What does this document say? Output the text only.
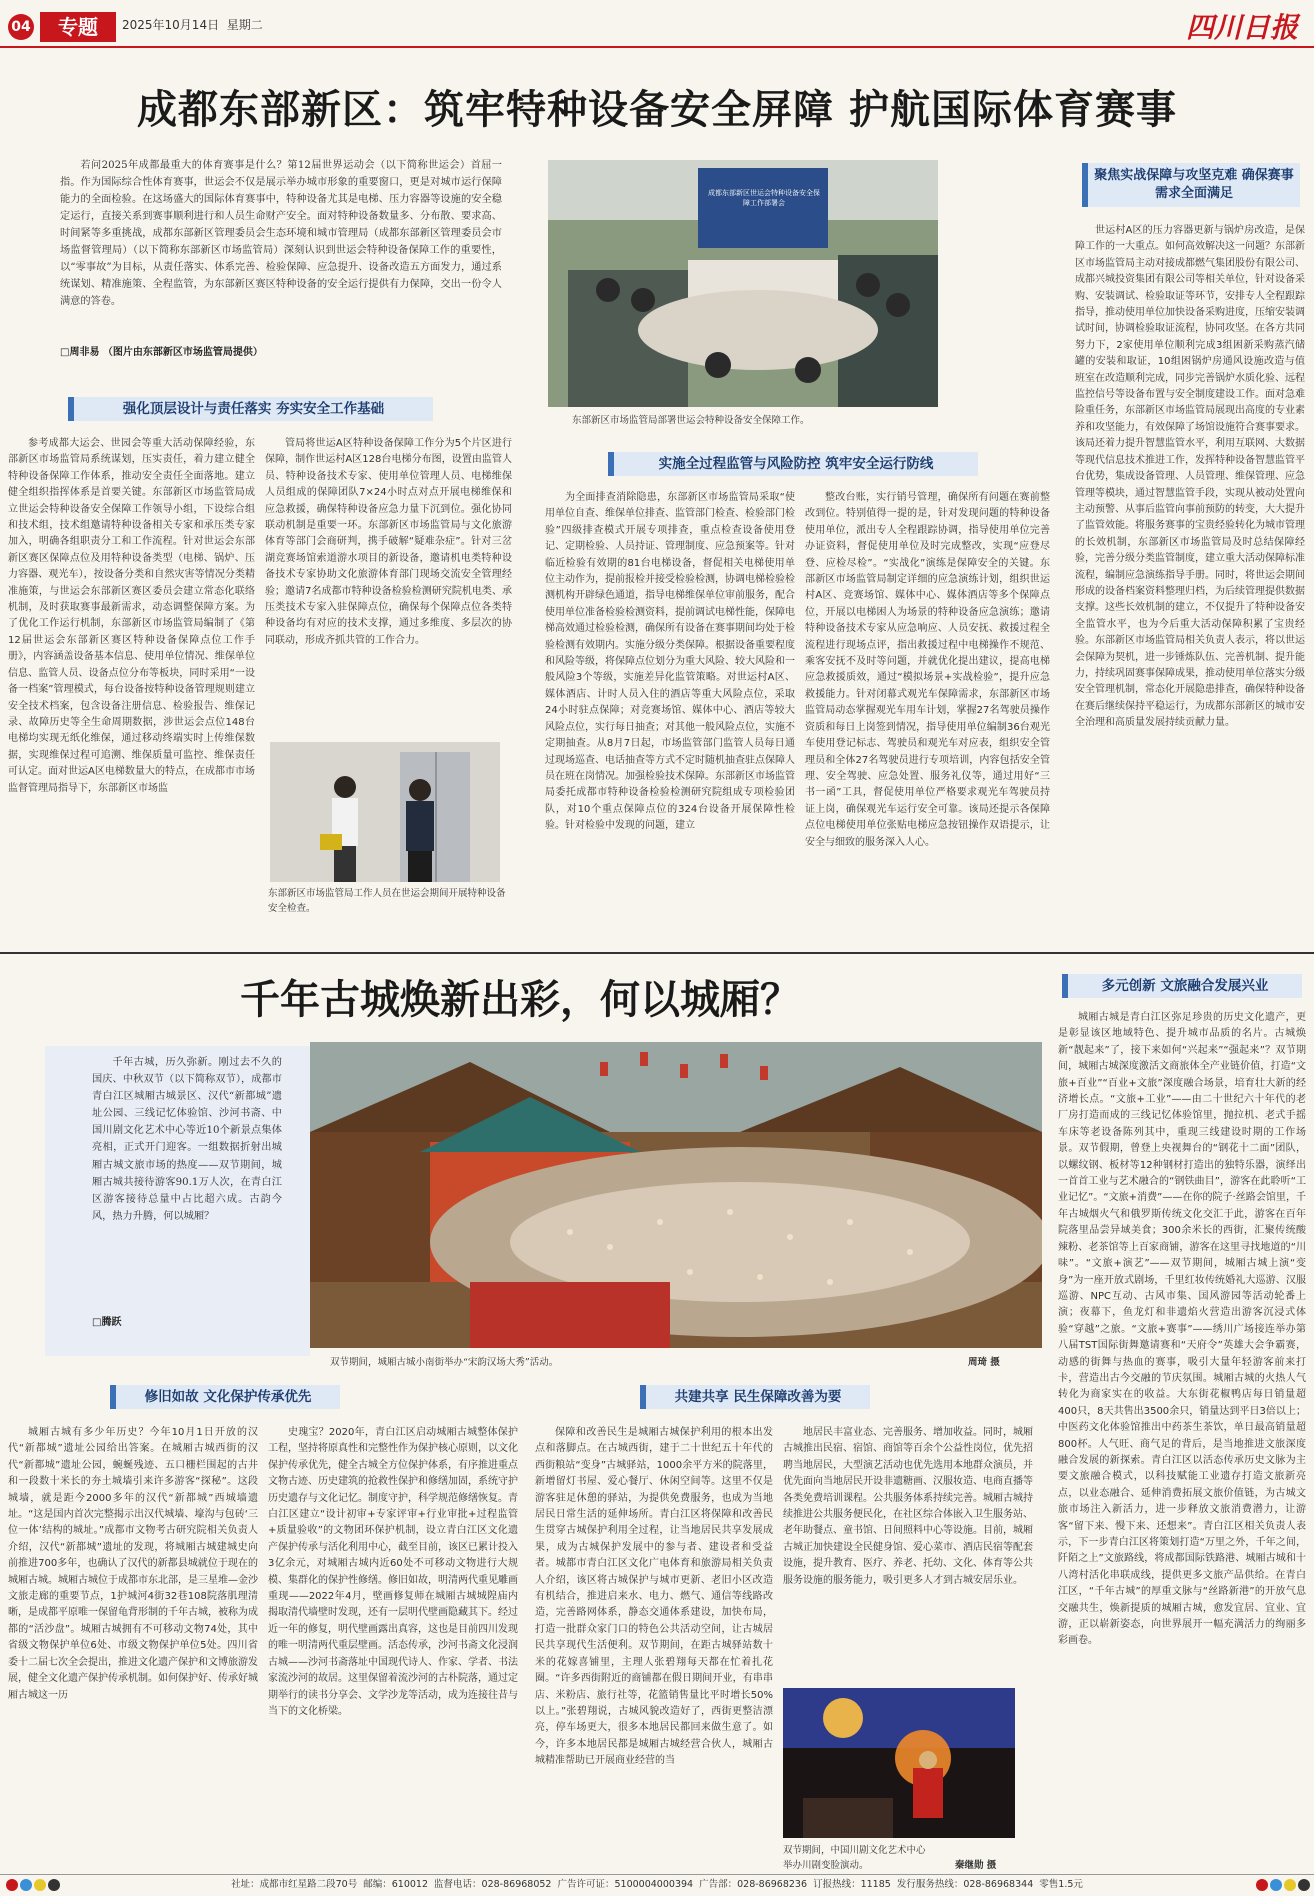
04	专题	2025年10月14日 星期二	四川日报
成都东部新区：筑牢特种设备安全屏障 护航国际体育赛事
若问2025年成都最重大的体育赛事是什么？第12届世界运动会（以下简称世运会）首屈一指。作为国际综合性体育赛事，世运会不仅是展示举办城市形象的重要窗口，更是对城市运行保障能力的全面检验。在这场盛大的国际体育赛事中，特种设备尤其是电梯、压力容器等设施的安全稳定运行，直接关系到赛事顺利进行和人员生命财产安全。面对特种设备数量多、分布散、要求高、时间紧等多重挑战，成都东部新区管理委员会生态环境和城市管理局（成都东部新区管理委员会市场监督管理局）（以下简称东部新区市场监管局）深刻认识到世运会特种设备保障工作的重要性，以“零事故”为目标，从责任落实、体系完善、检验保障、应急提升、设备改造五方面发力，通过系统谋划、精准施策、全程监管，为东部新区赛区特种设备的安全运行提供有力保障，交出一份令人满意的答卷。
□周非易 （图片由东部新区市场监管局提供）
成都东部新区世运会特种设备安全保障工作部署会
东部新区市场监管局部署世运会特种设备安全保障工作。
强化顶层设计与责任落实 夯实安全工作基础
实施全过程监管与风险防控 筑牢安全运行防线
聚焦实战保障与攻坚克难 确保赛事需求全面满足
参考成都大运会、世园会等重大活动保障经验，东部新区市场监管局系统谋划，压实责任，着力建立健全特种设备保障工作体系，推动安全责任全面落地。建立健全组织指挥体系是首要关键。东部新区市场监管局成立世运会特种设备安全保障工作领导小组，下设综合组和技术组，技术组邀请特种设备相关专家和承压类专家加入，明确各组职责分工和工作流程。针对世运会东部新区赛区保障点位及用特种设备类型（电梯、锅炉、压力容器、观光车），按设备分类和自然灾害等情况分类精准施策，与世运会东部新区赛区委员会建立常态化联络机制，及时获取赛事最新需求，动态调整保障方案。为了优化工作运行机制，东部新区市场监管局编制了《第12届世运会东部新区赛区特种设备保障点位工作手册》，内容涵盖设备基本信息、使用单位情况、维保单位信息、监管人员、设备点位分布等板块，同时采用“一设备一档案”管理模式，每台设备按特种设备管理规则建立安全技术档案，包含设备注册信息、检验报告、维保记录、故障历史等全生命周期数据，涉世运会点位148台电梯均实现无纸化维保，通过移动终端实时上传维保数据，实现维保过程可追溯、维保质量可监控、维保责任可认定。面对世运A区电梯数量大的特点，在成都市市场监督管理局指导下，东部新区市场监
管局将世运A区特种设备保障工作分为5个片区进行保障，制作世运村A区128台电梯分布图，设置由监管人员、特种设备技术专家、使用单位管理人员、电梯维保人员组成的保障团队7×24小时点对点开展电梯维保和应急救援，确保特种设备应急力量下沉到位。强化协同联动机制是重要一环。东部新区市场监管局与文化旅游体育等部门会商研判，携手破解“疑难杂症”。针对三岔湖竞赛场馆索道游水项目的新设备，邀请机电类特种设备技术专家协助文化旅游体育部门现场交流安全管理经验；邀请7名成都市特种设备检验检测研究院机电类、承压类技术专家入驻保障点位，确保每个保障点位各类特种设备均有对应的技术支撑，通过多维度、多层次的协同联动，形成齐抓共管的工作合力。
东部新区市场监管局工作人员在世运会期间开展特种设备安全检查。
为全面排查消除隐患，东部新区市场监管局采取“使用单位自查、维保单位排查、监管部门检查、检验部门检验”四级排查模式开展专项排查，重点检查设备使用登记、定期检验、人员持证、管理制度、应急预案等。针对临近检验有效期的81台电梯设备，督促相关电梯使用单位主动作为，提前报检并接受检验检测，协调电梯检验检测机构开辟绿色通道，指导电梯维保单位审前服务，配合使用单位准备检验检测资料，提前调试电梯性能，保障电梯高效通过检验检测，确保所有设备在赛事期间均处于检验检测有效期内。实施分级分类保障。根据设备重要程度和风险等级，将保障点位划分为重大风险、较大风险和一般风险3个等级，实施差异化监管策略。对世运村A区、媒体酒店、计时人员入住的酒店等重大风险点位，采取24小时驻点保障；对竞赛场馆、媒体中心、酒店等较大风险点位，实行每日抽查；对其他一般风险点位，实施不定期抽查。从8月7日起，市场监管部门监管人员每日通过现场巡查、电话抽查等方式不定时随机抽查驻点保障人员在班在岗情况。加强检验技术保障。东部新区市场监管局委托成都市特种设备检验检测研究院组成专项检验团队，对10个重点保障点位的324台设备开展保障性检验。针对检验中发现的问题，建立
整改台账，实行销号管理，确保所有问题在赛前整改到位。特别值得一提的是，针对发现问题的特种设备使用单位，派出专人全程跟踪协调，指导使用单位完善办证资料，督促使用单位及时完成整改，实现“应登尽登、应检尽检”。“实战化”演练是保障安全的关键。东部新区市场监管局制定详细的应急演练计划，组织世运村A区、竞赛场馆、媒体中心、媒体酒店等多个保障点位，开展以电梯困人为场景的特种设备应急演练；邀请特种设备技术专家从应急响应、人员安抚、救援过程全流程进行现场点评，指出救援过程中电梯操作不规范、乘客安抚不及时等问题，并就优化提出建议，提高电梯应急救援质效，通过“模拟场景+实战检验”，提升应急救援能力。针对闭幕式观光车保障需求，东部新区市场监管局动态掌握观光车用车计划，掌握27名驾驶员操作资质和每日上岗签到情况，指导使用单位编制36台观光车使用登记标志、驾驶员和观光车对应表，组织安全管理员和全体27名驾驶员进行专项培训，内容包括安全管理、安全驾驶、应急处置、服务礼仪等，通过用好“三书一函”工具，督促使用单位严格要求观光车驾驶员持证上岗，确保观光车运行安全可靠。该局还提示各保障点位电梯使用单位张贴电梯应急按钮操作双语提示，让安全与细致的服务深入人心。
世运村A区的压力容器更新与锅炉房改造，是保障工作的一大重点。如何高效解决这一问题？东部新区市场监管局主动对接成都燃气集团股份有限公司、成都兴城投资集团有限公司等相关单位，针对设备采购、安装调试、检验取证等环节，安排专人全程跟踪指导，推动使用单位加快设备采购进度，压缩安装调试时间，协调检验取证流程，协同攻坚。在各方共同努力下，2家使用单位顺利完成3组困新采购蒸汽储罐的安装和取证，10组困锅炉房通风设施改造与值班室在改造顺利完成，同步完善锅炉水质化验、远程监控信号等设备布置与安全制度建设工作。面对急难险重任务，东部新区市场监管局展现出高度的专业素养和攻坚能力，有效保障了场馆设施符合赛事要求。该局还着力提升智慧监管水平，利用互联网、大数据等现代信息技术推进工作，发挥特种设备智慧监管平台优势，集成设备管理、人员管理、维保管理、应急管理等模块，通过智慧监管手段，实现从被动处置向主动预警、从事后监管向事前预防的转变，大大提升了监管效能。将服务赛事的宝贵经验转化为城市管理的长效机制，东部新区市场监管局及时总结保障经验，完善分级分类监管制度，建立重大活动保障标准流程，编制应急演练指导手册。同时，将世运会期间形成的设备档案资料整理归档，为后续管理提供数据支撑。这些长效机制的建立，不仅提升了特种设备安全监管水平，也为今后重大活动保障积累了宝贵经验。东部新区市场监管局相关负责人表示，将以世运会保障为契机，进一步锤炼队伍、完善机制、提升能力，持续巩固赛事保障成果，推动使用单位落实分级安全管理机制，常态化开展隐患排查，确保特种设备在赛后继续保持平稳运行，为成都东部新区的城市安全治理和高质量发展持续贡献力量。
千年古城焕新出彩，何以城厢？	多元创新 文旅融合发展兴业
千年古城，历久弥新。刚过去不久的国庆、中秋双节（以下简称双节），成都市青白江区城厢古城景区、汉代“新都城”遗址公园、三线记忆体验馆、沙河书斋、中国川剧文化艺术中心等近10个新景点集体亮相，正式开门迎客。一组数据折射出城厢古城文旅市场的热度——双节期间，城厢古城共接待游客90.1万人次，在青白江区游客接待总量中占比超六成。古韵今风，热力升腾，何以城厢？
□腾跃
双节期间，城厢古城小南街举办“宋韵汉场大秀”活动。	周琦 摄
修旧如故 文化保护传承优先	共建共享 民生保障改善为要
城厢古城有多少年历史？今年10月1日开放的汉代“新都城”遗址公园给出答案。在城厢古城西街的汉代“新都城”遗址公园，蜿蜒残迹、五口栅栏围起的古井和一段数十米长的夯土城墙引来许多游客“探秘”。这段城墙，就是距今2000多年的汉代“新都城”西城墙遗址。“这是国内首次完整揭示出汉代城墙、壕沟与包砖‘三位一体’结构的城址。”成都市文物考古研究院相关负责人介绍，汉代“新都城”遗址的发现，将城厢古城建城史向前推进700多年，也确认了汉代的新都县城就位于现在的城厢古城。城厢古城位于成都市东北部，是三星堆—金沙文旅走廊的重要节点，1护城河4街32巷108院落肌理清晰，是成都平原唯一保留龟背形制的千年古城，被称为成都的“活沙盘”。城厢古城拥有不可移动文物74处，其中省级文物保护单位6处、市级文物保护单位5处。四川省委十二届七次全会提出，推进文化遗产保护和文博旅游发展，健全文化遗产保护传承机制。如何保护好、传承好城厢古城这一历
史瑰宝？2020年，青白江区启动城厢古城整体保护工程，坚持将原真性和完整性作为保护核心原则，以文化保护传承优先，健全古城全方位保护体系，有序推进重点文物古迹、历史建筑的抢救性保护和修缮加固，系统守护历史遗存与文化记忆。制度守护，科学规范修缮恢复。青白江区建立“设计初审+专家评审+行业审批+过程监管+质量验收”的文物团环保护机制，设立青白江区文化遗产保护传承与活化利用中心，截至目前，该区已累计投入3亿余元，对城厢古城内近60处不可移动文物进行大规模、集群化的保护性修缮。修旧如故，明清两代重见雕画重现——2022年4月，壁画修复师在城厢古城城隍庙内揭取清代墙壁时发现，还有一层明代壁画隐藏其下。经过近一年的修复，明代壁画露出真容，这也是目前四川发现的唯一明清两代重层壁画。活态传承，沙河书斋文化浸润古城——沙河书斋落址中国现代诗人、作家、学者、书法家流沙河的故居。这里保留着流沙河的古朴院落，通过定期举行的读书分享会、文学沙龙等活动，成为连接往昔与当下的文化桥梁。
保障和改善民生是城厢古城保护利用的根本出发点和落脚点。在古城西街，建于二十世纪五十年代的西街粮站“变身”古城驿站，1000余平方米的院落里，新增留灯书屋、爱心餐厅、休闲空间等。这里不仅是游客驻足休憩的驿站，为提供免费服务，也成为当地居民日常生活的延伸场所。青白江区将保障和改善民生贯穿古城保护利用全过程，让当地居民共享发展成果，成为古城保护发展中的参与者、建设者和受益者。城都市青白江区文化广电体育和旅游局相关负责人介绍，该区将古城保护与城市更新、老旧小区改造有机结合，推进启来水、电力、燃气、通信等线路改造，完善路网体系，静态交通体系建设，加快布局，打造一批群众家门口的特色公共活动空间，让古城居民共享现代生活便利。双节期间，在距古城驿站数十米的花嫁喜铺里，主理人张碧翔每天都在忙着扎花圈。“许多西街附近的商铺都在假日期间开业，有串串店、米粉店、旅行社等，花篮销售量比平时增长50%以上。”张碧翔说，古城风貌改造好了，西街更整洁漂亮，停车场更大，很多本地居民都回来做生意了。如今，许多本地居民都是城厢古城经营合伙人，城厢古城精准帮助已开展商业经营的当
地居民丰富业态、完善服务、增加收益。同时，城厢古城推出民宿、宿馆、商馆等百余个公益性岗位，优先招聘当地居民，大型演艺活动也优先选用本地群众演员，并优先面向当地居民开设非遗糖画、汉服妆造、电商直播等各类免费培训课程。公共服务体系持续完善。城厢古城持续推进公共服务便民化，在社区综合体嵌入卫生服务站、老年助餐点、童书馆、日间照料中心等设施。目前，城厢古城正加快建设全民健身馆、爱心菜市、酒店民宿等配套设施，提升教育、医疗、养老、托幼、文化、体育等公共服务设施的服务能力，吸引更多人才到古城安居乐业。
双节期间，中国川剧文化艺术中心举办川剧变脸演动。	秦继勋 摄
城厢古城是青白江区弥足珍贵的历史文化遗产，更是彰显该区地域特色、提升城市品质的名片。古城焕新“靓起来”了，接下来如何“兴起来”“强起来”？双节期间，城厢古城深度激活文商旅体全产业链价值，打造“文旅+百业”“百业+文旅”深度融合场景，培育壮大新的经济增长点。“文旅+工业”——由二十世纪六十年代的老厂房打造而成的三线记忆体验馆里，抛拉机、老式手摇车床等老设备陈列其中，重现三线建设时期的工作场景。双节假期，曾登上央视舞台的“钢花十二面”团队，以螺纹钢、板材等12种钢材打造出的独特乐器，演绎出一首首工业与艺术融合的“钢铁曲目”，游客在此聆听“工业记忆”。“文旅+消费”——在你的院子·丝路会馆里，千年古城烟火气和俄罗斯传统文化交汇于此，游客在百年院落里品尝异域美食；300余米长的西街，汇聚传统酸辣粉、老茶馆等上百家商铺，游客在这里寻找地道的“川味”。“文旅+演艺”——双节期间，城厢古城上演“变身”为一座开放式剧场，千里红妆传统婚礼大巡游、汉服巡游、NPC互动、古风市集、国风游园等活动轮番上演；夜幕下，鱼龙灯和非遗焰火营造出游客沉浸式体验“穿越”之旅。“文旅+赛事”——绣川广场接连举办第八届TST国际街舞邀请赛和“天府令”英雄大会争霸赛，动感的街舞与热血的赛事，吸引大量年轻游客前来打卡，营造出古今交融的节庆氛围。城厢古城的火热人气转化为商家实在的收益。大东街花椒鸭店每日销量超400只，8天共售出3500余只，销量达到平日3倍以上；中医药文化体验馆推出中药茶生茶饮，单日最高销量超800杯。人气旺、商气足的背后，是当地推进文旅深度融合发展的新探索。青白江区以活态传承历史文脉为主要文旅融合模式，以科技赋能工业遗存打造文旅新亮点，以业态融合、延伸消费拓展文旅价值链，为古城文旅市场注入新活力，进一步释放文旅消费潜力，让游客“留下来、慢下来、还想来”。青白江区相关负责人表示，下一步青白江区将策划打造“万里之外，千年之间，阡陌之上”文旅路线，将成都国际铁路港、城厢古城和十八湾村活化串联成线，提供更多文旅产品供给。在青白江区，“千年古城”的厚重文脉与“丝路新港”的开放气息交融共生，焕新提质的城厢古城，愈发宜居、宜业、宜游，正以崭新姿态，向世界展开一幅充满活力的绚丽多彩画卷。
社址：成都市红星路二段70号  邮编：610012  监督电话：028-86968052  广告许可证：5100004000394  广告部：028-86968236  订报热线：11185  发行服务热线：028-86968344  零售1.5元
